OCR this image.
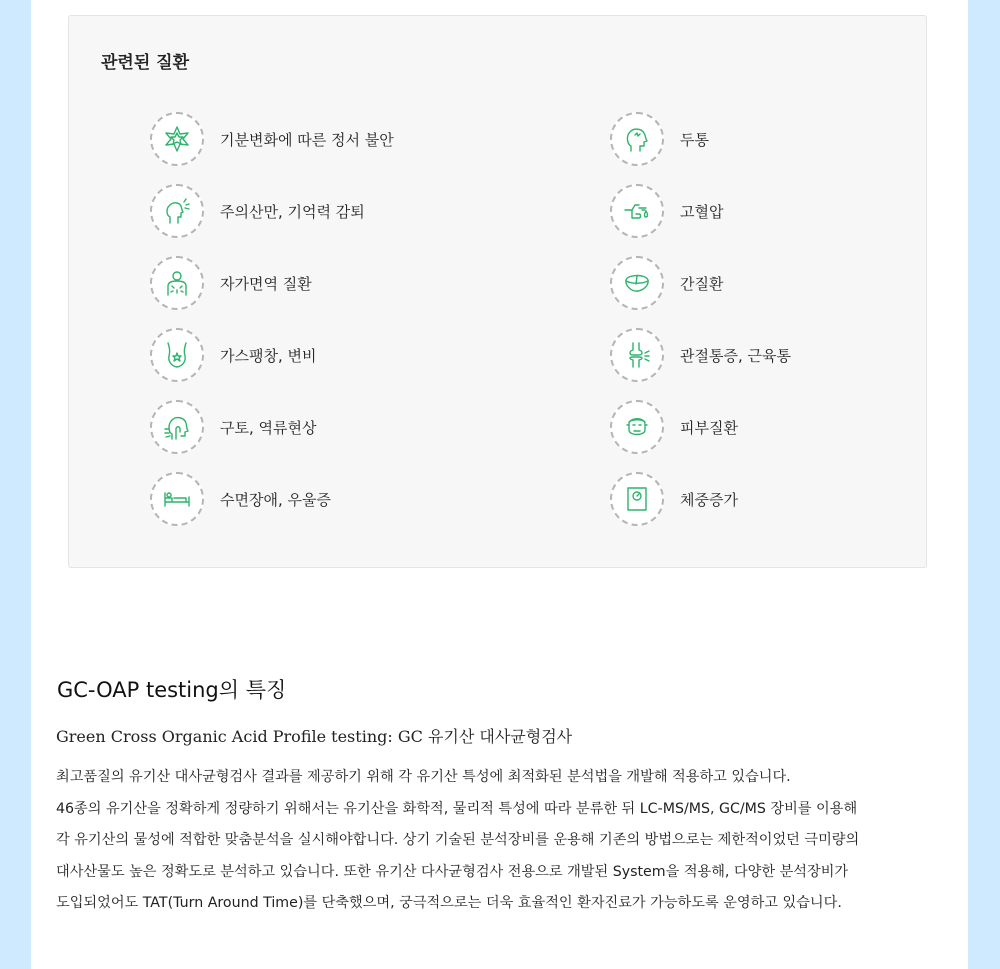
관련된 질환
기분변화에 따른 정서 불안
주의산만, 기억력 감퇴
자가면역 질환
가스팽창, 변비
구토, 역류현상
수면장애, 우울증
두통
고혈압
간질환
관절통증, 근육통
피부질환
체중증가
GC-OAP testing의 특징
Green Cross Organic Acid Profile testing: GC 유기산 대사균형검사
최고품질의 유기산 대사균형검사 결과를 제공하기 위해 각 유기산 특성에 최적화된 분석법을 개발해 적용하고 있습니다.
46종의 유기산을 정확하게 정량하기 위해서는 유기산을 화학적, 물리적 특성에 따라 분류한 뒤 LC-MS/MS, GC/MS 장비를 이용해
각 유기산의 물성에 적합한 맞춤분석을 실시해야합니다. 상기 기술된 분석장비를 운용해 기존의 방법으로는 제한적이었던 극미량의
대사산물도 높은 정확도로 분석하고 있습니다. 또한 유기산 다사균형검사 전용으로 개발된 System을 적용해, 다양한 분석장비가
도입되었어도 TAT(Turn Around Time)를 단축했으며, 궁극적으로는 더욱 효율적인 환자진료가 가능하도록 운영하고 있습니다.
